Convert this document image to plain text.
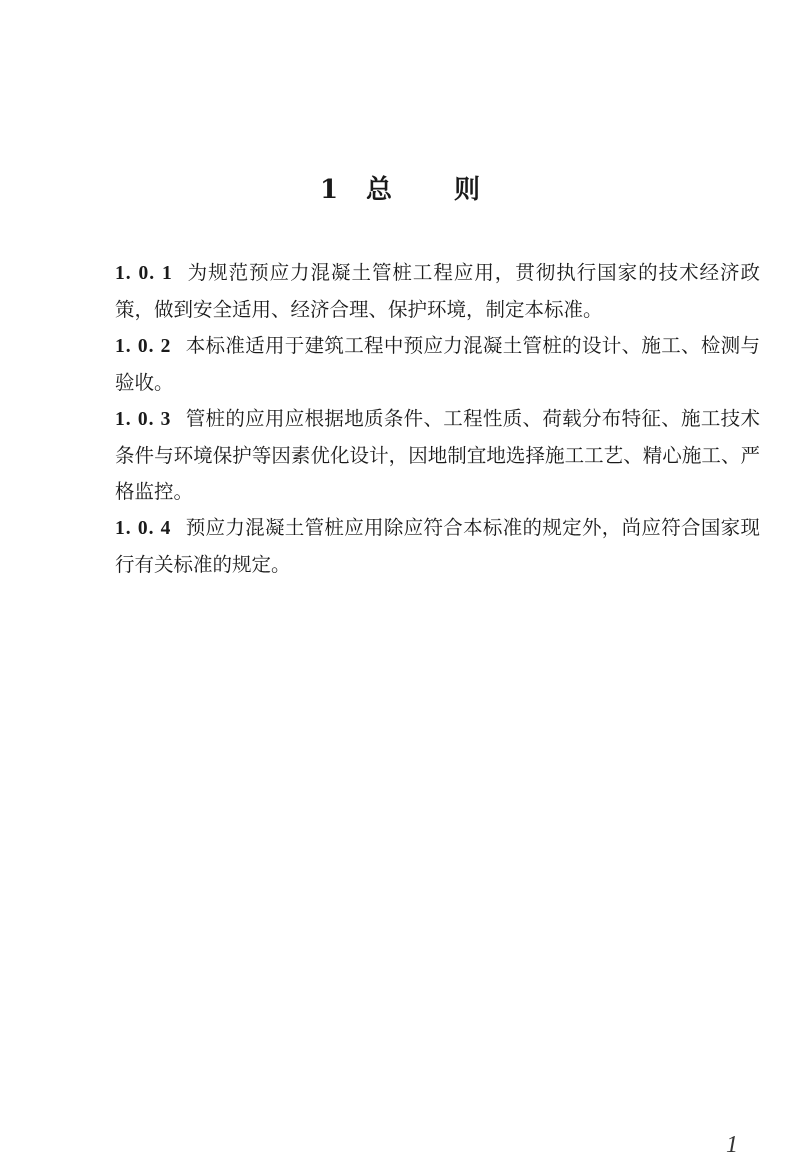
1 总 则

1. 0. 1 为规范预应力混凝土管桩工程应用，贯彻执行国家的技术经济政策，做到安全适用、经济合理、保护环境，制定本标准。

1. 0. 2 本标准适用于建筑工程中预应力混凝土管桩的设计、施工、检测与验收。

1. 0. 3 管桩的应用应根据地质条件、工程性质、荷载分布特征、施工技术条件与环境保护等因素优化设计，因地制宜地选择施工工艺、精心施工、严格监控。

1. 0. 4 预应力混凝土管桩应用除应符合本标准的规定外，尚应符合国家现行有关标准的规定。

1
